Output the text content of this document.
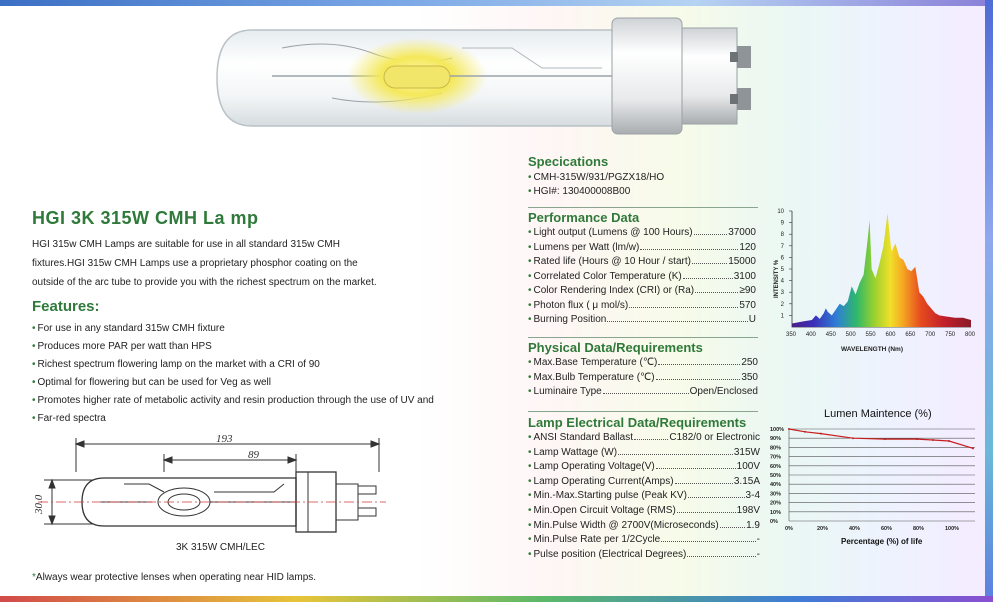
HGI 3K 315W CMH La mp
HGI 315w CMH Lamps are suitable for use in all standard 315w CMH
fixtures.HGI 315w CMH Lamps use a proprietary phosphor coating on the
outside of the arc tube to provide you with the richest spectrum on the market.
Features:
• For use in any standard 315w CMH fixture
• Produces more PAR per watt than HPS
• Richest spectrum flowering lamp on the market with a CRI of 90
• Optimal for flowering but can be used for Veg as well
• Promotes higher rate of metabolic activity and resin production through the use of UV and
• Far-red spectra
193
89
30.0
3K 315W CMH/LEC
*Always wear protective lenses when operating near HID lamps.
Specications
• CMH-315W/931/PGZX18/HO
• HGI#: 130400008B00
Performance Data
• Light output (Lumens @ 100 Hours)	37000
• Lumens per Watt (lm/w)	120
• Rated life (Hours @ 10 Hour / start)	15000
• Correlated Color Temperature (K)	3100
• Color Rendering Index (CRI) or (Ra)	≥90
• Photon flux ( μ mol/s)	570
• Burning Position	U
Physical Data/Requirements
• Max.Base Temperature (℃)	250
• Max.Bulb Temperature (℃)	350
• Luminaire Type	Open/Enclosed
Lamp Electrical Data/Requirements
• ANSI Standard Ballast	C182/0 or Electronic
• Lamp Wattage (W)	315W
• Lamp Operating Voltage(V)	100V
• Lamp Operating Current(Amps)	3.15A
• Min.-Max.Starting pulse (Peak KV)	3-4
• Min.Open Circuit Voltage (RMS)	198V
• Min.Pulse Width @ 2700V(Microseconds)	1.9
• Min.Pulse Rate per 1/2Cycle	-
• Pulse position (Electrical Degrees)	-
350 400 450 500 550 600 650 700 750 800
1
2
3
4
5
6
7
8
9
10
INTENSITY %
WAVELENGTH (Nm)
Lumen Maintence (%)
0%
10%
20%
30%
40%
50%
60%
70%
80%
90%
100%
0%	20%	40%	60%	80%	100%
Percentage (%) of life
